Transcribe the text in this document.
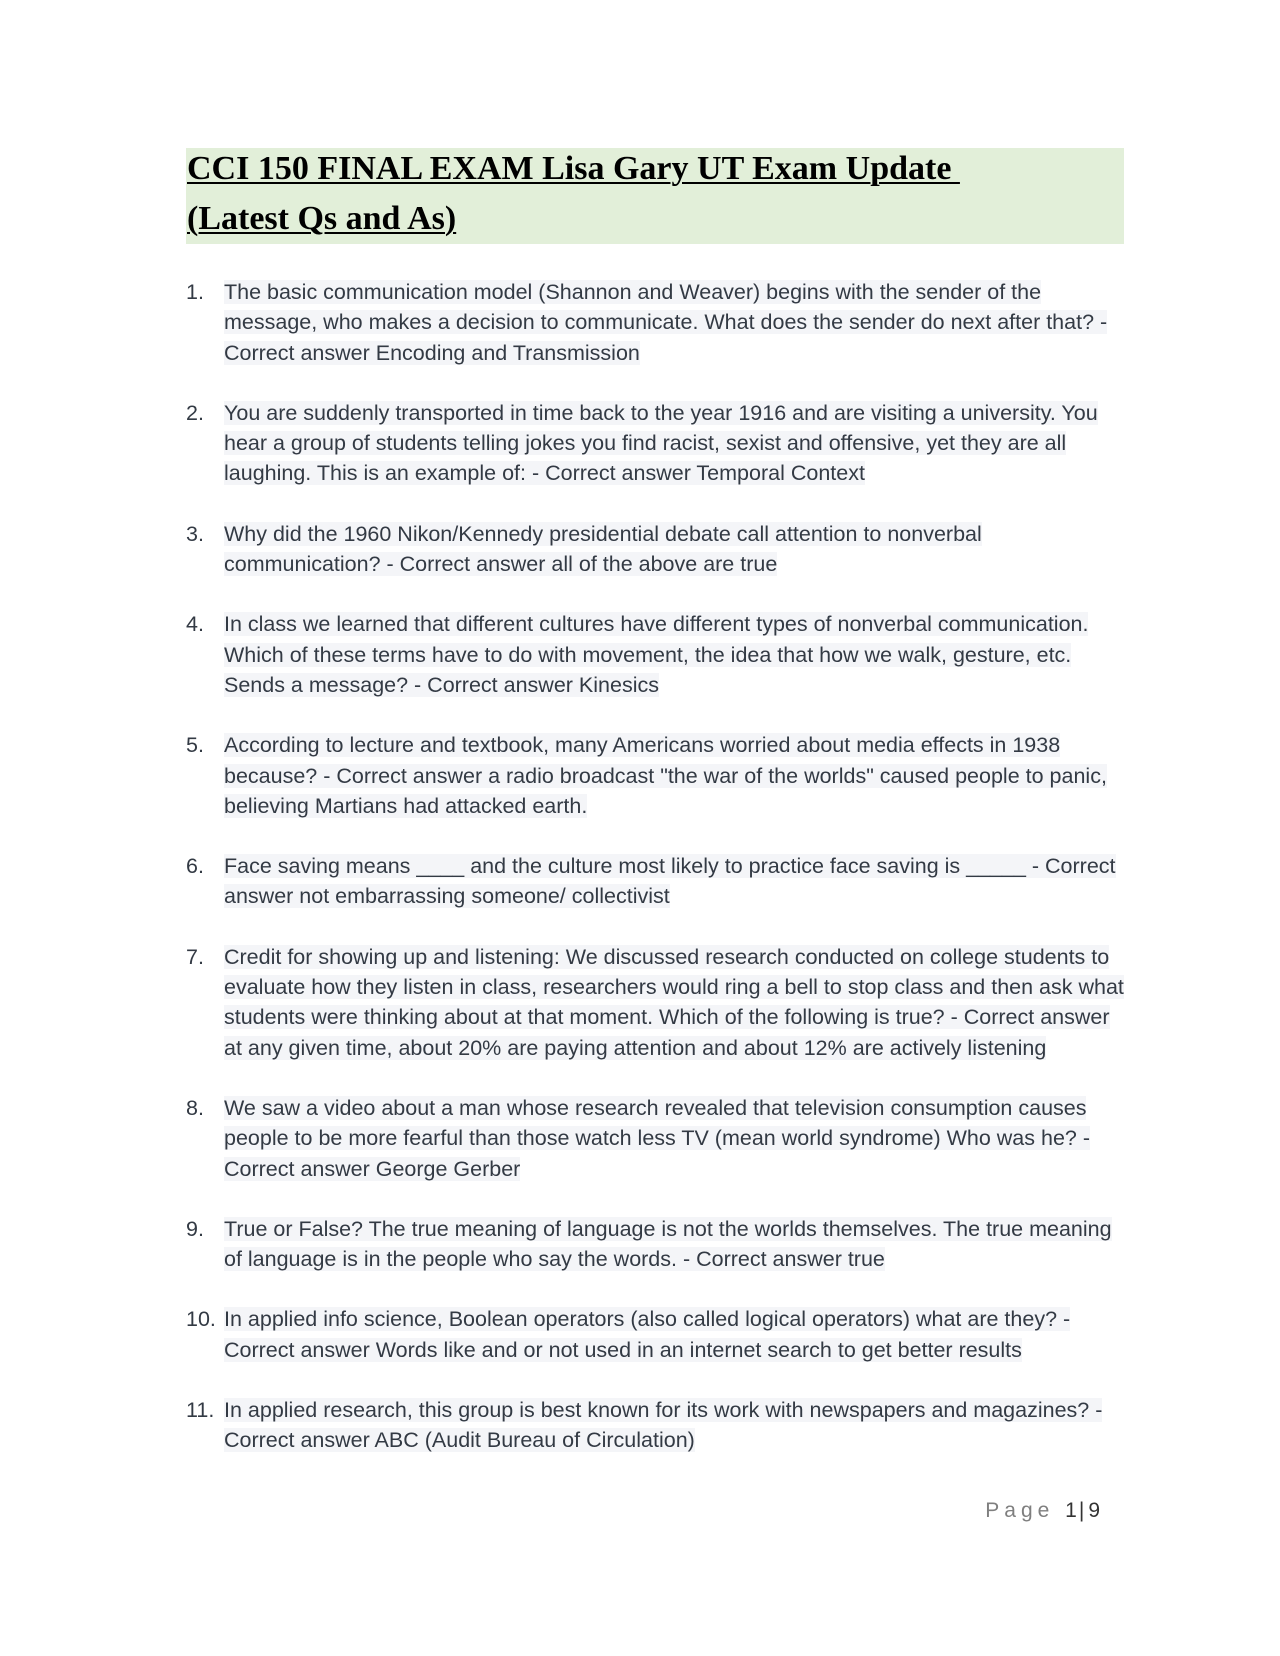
CCI 150 FINAL EXAM Lisa Gary UT Exam Update
(Latest Qs and As)
1. The basic communication model (Shannon and Weaver) begins with the sender of the message, who makes a decision to communicate. What does the sender do next after that? - Correct answer Encoding and Transmission
2. You are suddenly transported in time back to the year 1916 and are visiting a university. You hear a group of students telling jokes you find racist, sexist and offensive, yet they are all laughing. This is an example of: - Correct answer Temporal Context
3. Why did the 1960 Nikon/Kennedy presidential debate call attention to nonverbal communication? - Correct answer all of the above are true
4. In class we learned that different cultures have different types of nonverbal communication. Which of these terms have to do with movement, the idea that how we walk, gesture, etc. Sends a message? - Correct answer Kinesics
5. According to lecture and textbook, many Americans worried about media effects in 1938 because? - Correct answer a radio broadcast "the war of the worlds" caused people to panic, believing Martians had attacked earth.
6. Face saving means ____ and the culture most likely to practice face saving is _____ - Correct answer not embarrassing someone/ collectivist
7. Credit for showing up and listening: We discussed research conducted on college students to evaluate how they listen in class, researchers would ring a bell to stop class and then ask what students were thinking about at that moment. Which of the following is true? - Correct answer at any given time, about 20% are paying attention and about 12% are actively listening
8. We saw a video about a man whose research revealed that television consumption causes people to be more fearful than those watch less TV (mean world syndrome) Who was he? - Correct answer George Gerber
9. True or False? The true meaning of language is not the worlds themselves. The true meaning of language is in the people who say the words. - Correct answer true
10. In applied info science, Boolean operators (also called logical operators) what are they? - Correct answer Words like and or not used in an internet search to get better results
11. In applied research, this group is best known for its work with newspapers and magazines? - Correct answer ABC (Audit Bureau of Circulation)
Page 1| 9
